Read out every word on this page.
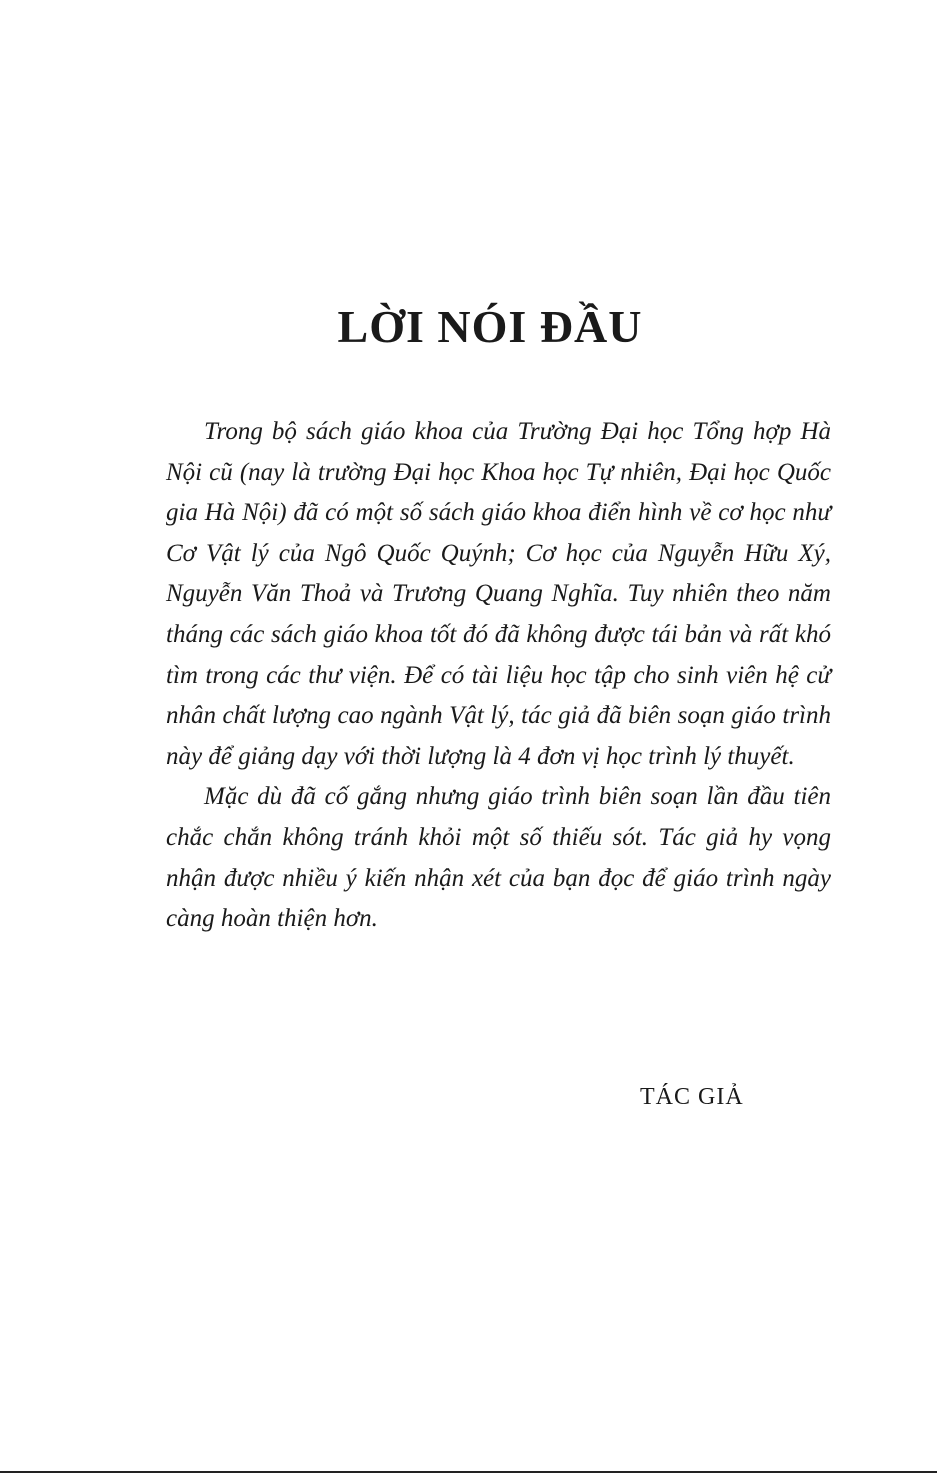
LỜI NÓI ĐẦU

Trong bộ sách giáo khoa của Trường Đại học Tổng hợp Hà Nội cũ (nay là trường Đại học Khoa học Tự nhiên, Đại học Quốc gia Hà Nội) đã có một số sách giáo khoa điển hình về cơ học như Cơ Vật lý của Ngô Quốc Quýnh; Cơ học của Nguyễn Hữu Xý, Nguyễn Văn Thoả và Trương Quang Nghĩa. Tuy nhiên theo năm tháng các sách giáo khoa tốt đó đã không được tái bản và rất khó tìm trong các thư viện. Để có tài liệu học tập cho sinh viên hệ cử nhân chất lượng cao ngành Vật lý, tác giả đã biên soạn giáo trình này để giảng dạy với thời lượng là 4 đơn vị học trình lý thuyết.

Mặc dù đã cố gắng nhưng giáo trình biên soạn lần đầu tiên chắc chắn không tránh khỏi một số thiếu sót. Tác giả hy vọng nhận được nhiều ý kiến nhận xét của bạn đọc để giáo trình ngày càng hoàn thiện hơn.

TÁC GIẢ
